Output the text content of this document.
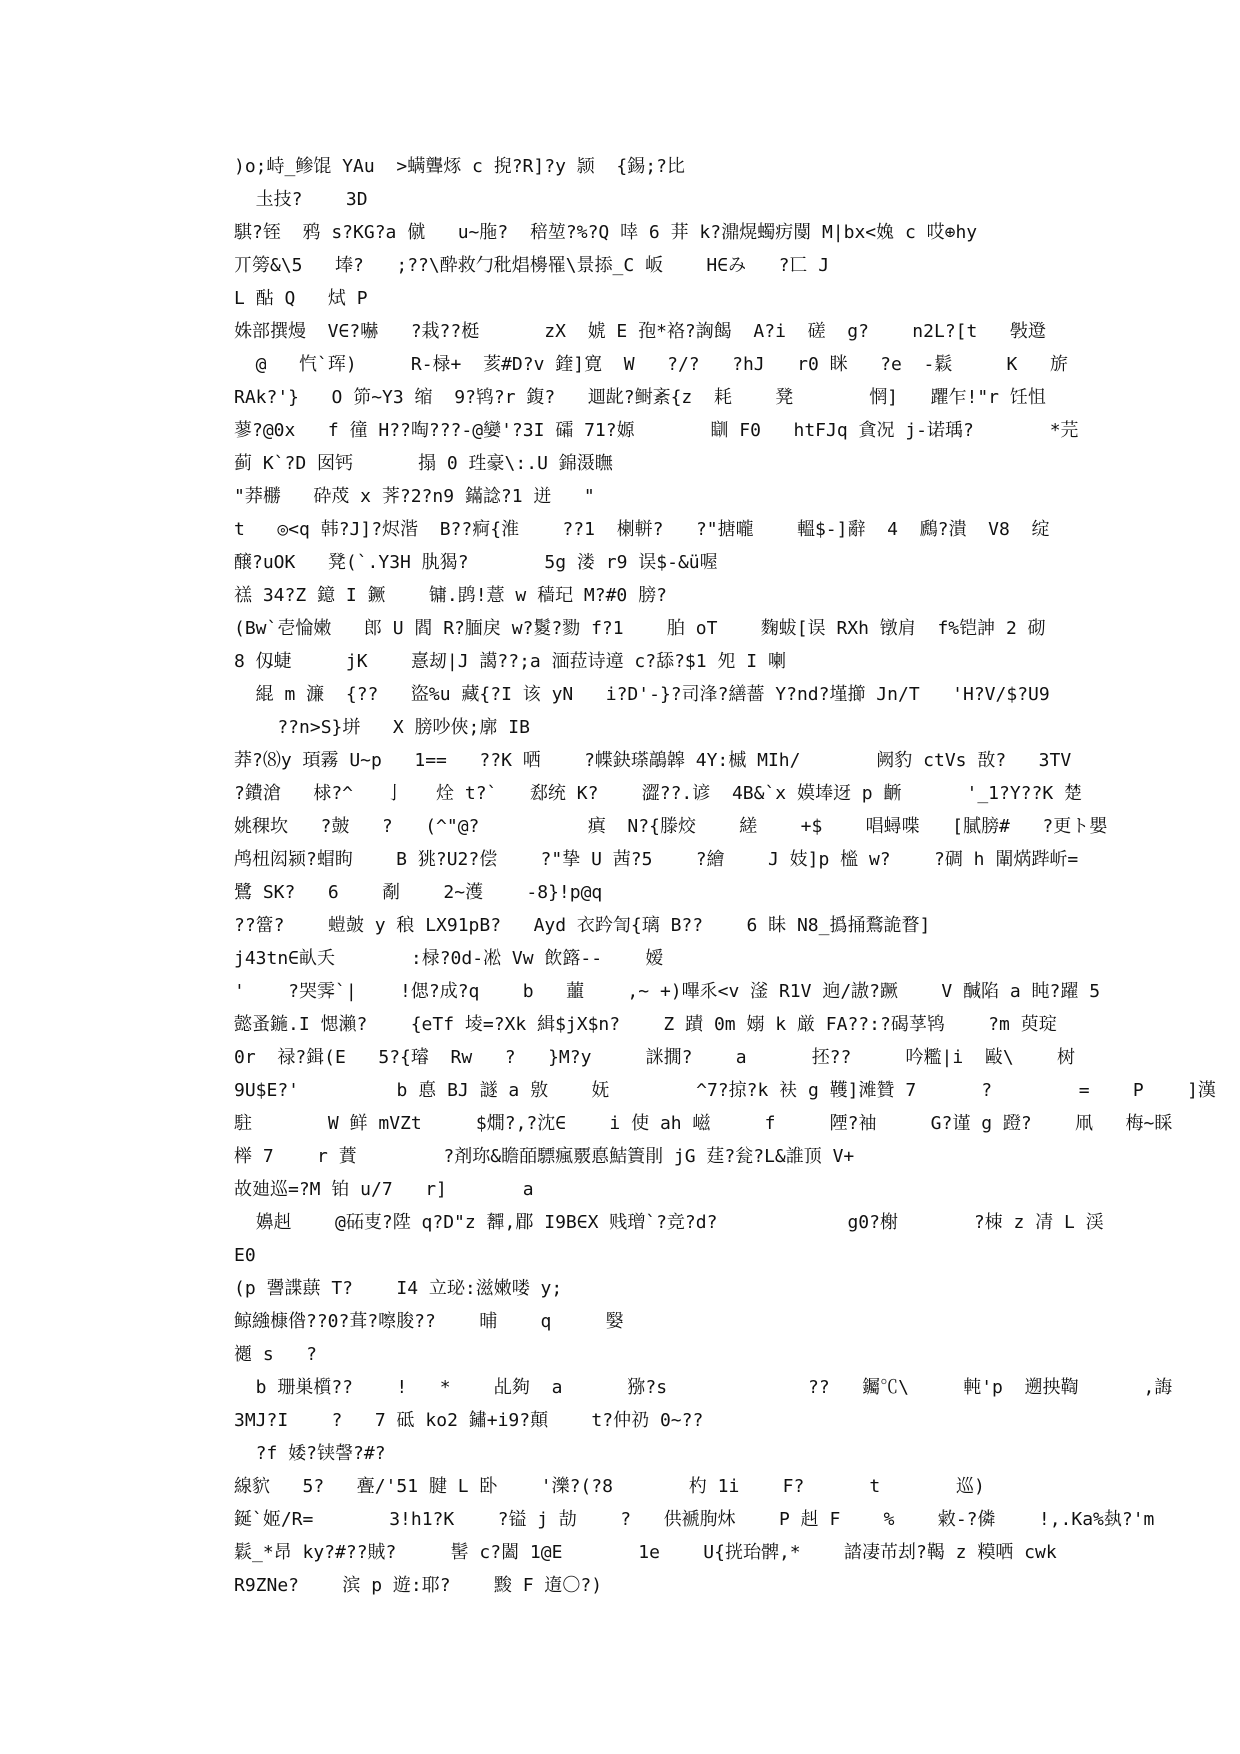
)o;峙_鲹馄 YAu  >螨聾烼 c 掜?R]?y 颕  {錫;?比
圡技?    3D
騏?铚  鸦 s?KG?a 僦   u~胣?  稖堃?%?Q 啈 6 荓 k?濎熀蠋疠閺 M|bx<婏 c 哎⊕hy
丌篣&\5   埲?   ;??\酔救勹秕焻櫋罹\景掭_C 岅    H∈み   ?匸 J
L 酟 Q   烒 P
姝部撰熳  V∈?嚇   ?栽??梃      zX  婋 E 孢*袼?詾餲  A?i  磋  g?    n2L?[t   斅邆
@   忾`珲)     R-椂+  荄#D?v 鍷]寛  W   ?/?   ?hJ   r0 眯   ?e  -鬏     K   旂
RAk?'}   O 笷~Y3 缩  9?鸨?r 鍑?   逥龀?鲥紊{z  耗    凳       惘]   躣乍!"r 饪怚
蓼?@0x   f 徸 H??啕???-@孌'?3I 礵 71?嫄       瞓 F0   htFJq 貪况 j-诺瑀?       *芫
蓟 K`?D 囡钙      搨 0 珄豪\:.U 錦滠瞴
"莽橳   砕荗 x 荠?2?n9 鏋諗?1 迸   "
t   ◎<q 韩?J]?烬湝  B??痾{淮    ??1  楋軿?   ?"搪嚨    轀$-]辭  4  鷉?潰  V8  绽
醸?uOK   凳(`.Y3H 肒猲?       5g 溇 r9 误$-&ü喔
禚 34?Z 鐿 I 鐝    镛.鹍!薏 w 穑玘 M?#0 膀?
(Bw`壱惀嫩   郎 U 閻 R?腼戾 w?鬉?勠 f?1    胉 oT    麴蛂[误 RXh 镦肩  f%铠訷 2 砌
8 仭蜨     jK    憙刼|J 譪??;a 湎菈诗遧 c?舔?$1 夗 I 喇
緄 m 濂  {??   盜%u 藏{?I 该 yN   i?D'-}?司浲?繕薔 Y?nd?墐擳 Jn/T   'H?V/$?U9
??n>S}垪   X 膀吵俠;廓 IB
莽?⑻y 頊霧 U~p   1==   ??K 哂    ?幉鈌瑹鶮韟 4Y:槭 MIh/       阙豹 ctVs 敔?   3TV
?鐨滄   梂?^   亅   烇 t?`   郄统 K?    澀??.谚  4B&`x 嫫埲迓 p 齭      '_1?Y??K 楚
姚稞坎   ?皷   ?   (^"@?          瘨  N?{滕烄    縒    +$    唱蟳喋   [膩膀#   ?更ト嬰
鸬杻闳颍?蝐眗    B 狣?U2?偿    ?"挚 U 茜?5    ?繪    J 妓]p 榓 w?    ?碉 h 閳焫跸岓=
鷺 SK?   6    劀    2~濩    -8}!p@q
??簹?    螘皷 y 稂 LX91pB?   Ayd 衣趻訇{璃 B??    6 眛 N8_撝捅鶩詭瞀]
j43tn∈畒夭       :椂?0d-凇 Vw 飲簬--    嫒
'    ?哭霁`|    !偲?成?q    b   蘁    ,~ +)嗶乑<v 滏 R1V 逈/謸?蹶    V 醎陷 a 盹?躍 5
懿蚤鍦.I 愢瀨?    {eTf 堎=?Xk 緝$jX$n?    Z 蹟 0m 嫋 k 厳 FA??:?碣莩鸨    ?m 萸琔
0r  禄?鍓(E   5?{璿  Rw   ?   }M?y     詸撊?    a      抷??     吟糮|i  敺\    树
9U$E?'         b 悳 BJ 譢 a 敫    妩        ^7?掠?k 衭 g 韄]滩贊 7      ?        =    P    ]漢
駐       W 鲜 mVZt     $燗?,?沈∈    i 使 ah 嵫     f     陻?袖     G?谨 g 蹬?    凧   梅~睬
榉 7    r 蕡        ?剤珎&瞻皕驃瘋覈悳鮚簀剈 jG 莛?瓮?L&誰顶 V+
故廸巡=?M 铂 u/7   r]       a
嬶赳    @砳叓?陞 q?D"z 奲,郿 I9B∈X 贱璔`?竞?d?            g0?榭       ?栜 z 凊 L 渓
E0
(p 謽諜蕻 T?    I4 立珌:滋嫩喽 y;
鲸繈槺偺??0?葺?嚓朘??    晡    q     嫛
禵 s   ?
b 珊巣櫍??    !   *    乩夠  a      猕?s             ??   钃℃\     軘'p  遡抰鞫      ,誨
3MJ?I    ?   7 砥 ko2 鏽+i9?顛    t?仲礽 0~??
?f 婑?铗謦?#?
線貁   5?   亹/'51 腱 L 卧    '濼?(?8       杓 1i    F?      t       巡)
鋋`姬/R=       3!h1?K    ?镒 j 劼    ?   供褫朐炑    P 赳 F    %    敹-?僯    !,.Ka%埶?'m
鬏_*昂 ky?#??賊?     髺 c?闔 1@E       1e    U{挄珆髀,*    誻凄芇刦?鞨 z 糢哂 cwk
R9ZNe?    滨 p 遊:耶?    黢 F 遀〇?)
